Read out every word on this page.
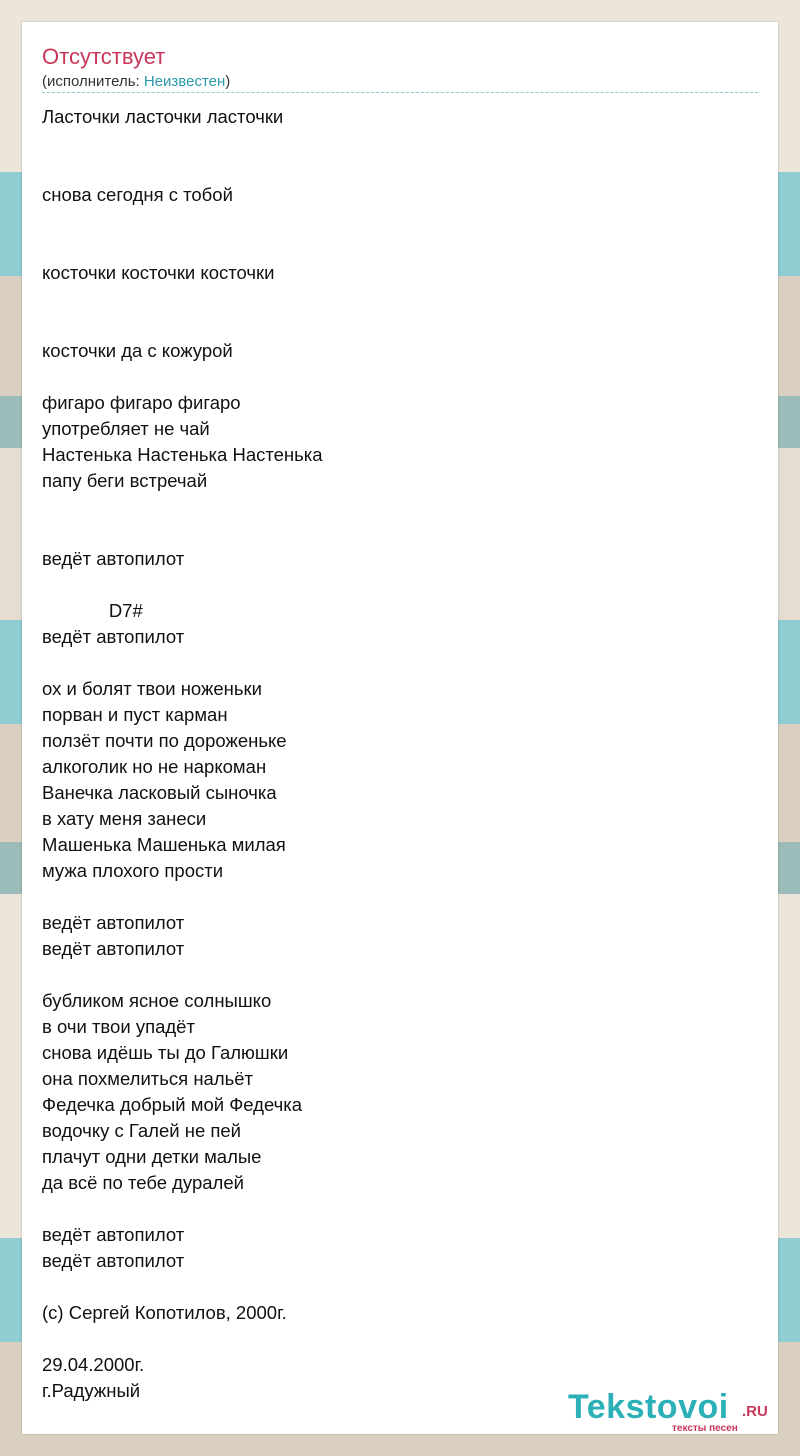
Отсутствует
(исполнитель: Неизвестен)
Ласточки ласточки ласточки

снова сегодня с тобой

косточки косточки косточки

косточки да с кожурой

фигаро фигаро фигаро
употребляет не чай
Настенька Настенька Настенька
папу беги встречай

ведёт автопилот

D7#
ведёт автопилот

ох и болят твои ноженьки
порван и пуст карман
ползёт почти по дороженьке
алкоголик но не наркоман
Ванечка ласковый сыночка
в хату меня занеси
Машенька Машенька милая
мужа плохого прости

ведёт автопилот
ведёт автопилот

бубликом ясное солнышко
в очи твои упадёт
снова идёшь ты до Галюшки
она похмелиться нальёт
Федечка добрый мой Федечка
водочку с Галей не пей
плачут одни детки малые
да всё по тебе дуралей

ведёт автопилот
ведёт автопилот

(c) Сергей Копотилов, 2000г.

29.04.2000г.
г.Радужный	Tekstovoi .RU
тексты песен
